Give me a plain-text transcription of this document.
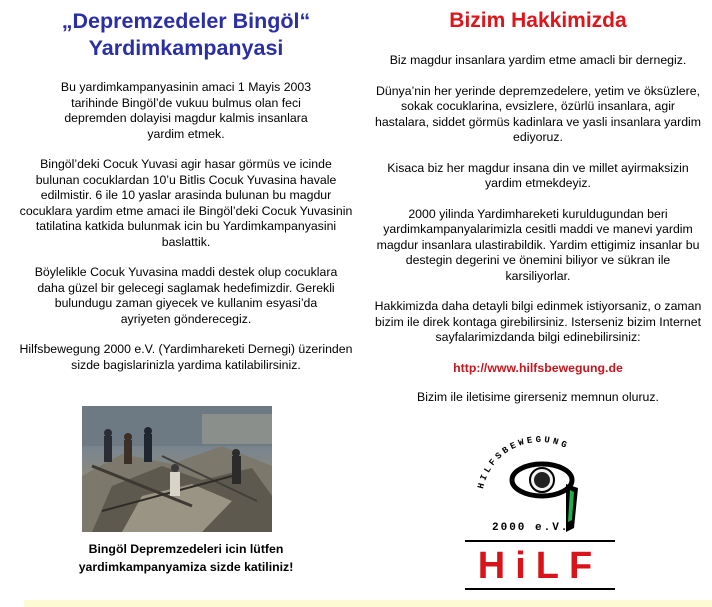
„Depremzedeler Bingöl“
Yardimkampanyasi

Bu yardimkampanyasinin amaci 1 Mayis 2003 tarihinde Bingöl’de vukuu bulmus olan feci depremden dolayisi magdur kalmis insanlara yardim etmek.

Bingöl’deki Cocuk Yuvasi agir hasar görmüs ve icinde bulunan cocuklardan 10’u Bitlis Cocuk Yuvasina havale edilmistir. 6 ile 10 yaslar arasinda bulunan bu magdur cocuklara yardim etme amaci ile Bingöl’deki Cocuk Yuvasinin tatilatina katkida bulunmak icin bu Yardimkampanyasini baslattik.

Böylelikle Cocuk Yuvasina maddi destek olup cocuklara daha güzel bir gelecegi saglamak hedefimizdir. Gerekli bulundugu zaman giyecek ve kullanim esyasi’da ayriyeten gönderecegiz.

Hilfsbewegung 2000 e.V. (Yardimhareketi Dernegi) üzerinden sizde bagislarinizla yardima katilabilirsiniz.

Bingöl Depremzedeleri icin lütfen
yardimkampanyamiza sizde katiliniz!
Bizim Hakkimizda

Biz magdur insanlara yardim etme amacli bir dernegiz.

Dünya’nin her yerinde depremzedelere, yetim ve öksüzlere, sokak cocuklarina, evsizlere, özürlü insanlara, agir hastalara, siddet görmüs kadinlara ve yasli insanlara yardim ediyoruz.

Kisaca biz her magdur insana din ve millet ayirmaksizin yardim etmekdeyiz.

2000 yilinda Yardimhareketi kuruldugundan beri yardimkampanyalarimizla cesitli maddi ve manevi yardim magdur insanlara ulastirabildik. Yardim ettigimiz insanlar bu destegin degerini ve önemini biliyor ve sükran ile karsiliyorlar.

Hakkimizda daha detayli bilgi edinmek istiyorsaniz, o zaman bizim ile direk kontaga girebilirsiniz. Isterseniz bizim Internet sayfalarimizdanda bilgi edinebilirsiniz:

http://www.hilfsbewegung.de

Bizim ile iletisime girerseniz memnun oluruz.

HILFSBEWEGUNG
2000 e.V.
HiLF
